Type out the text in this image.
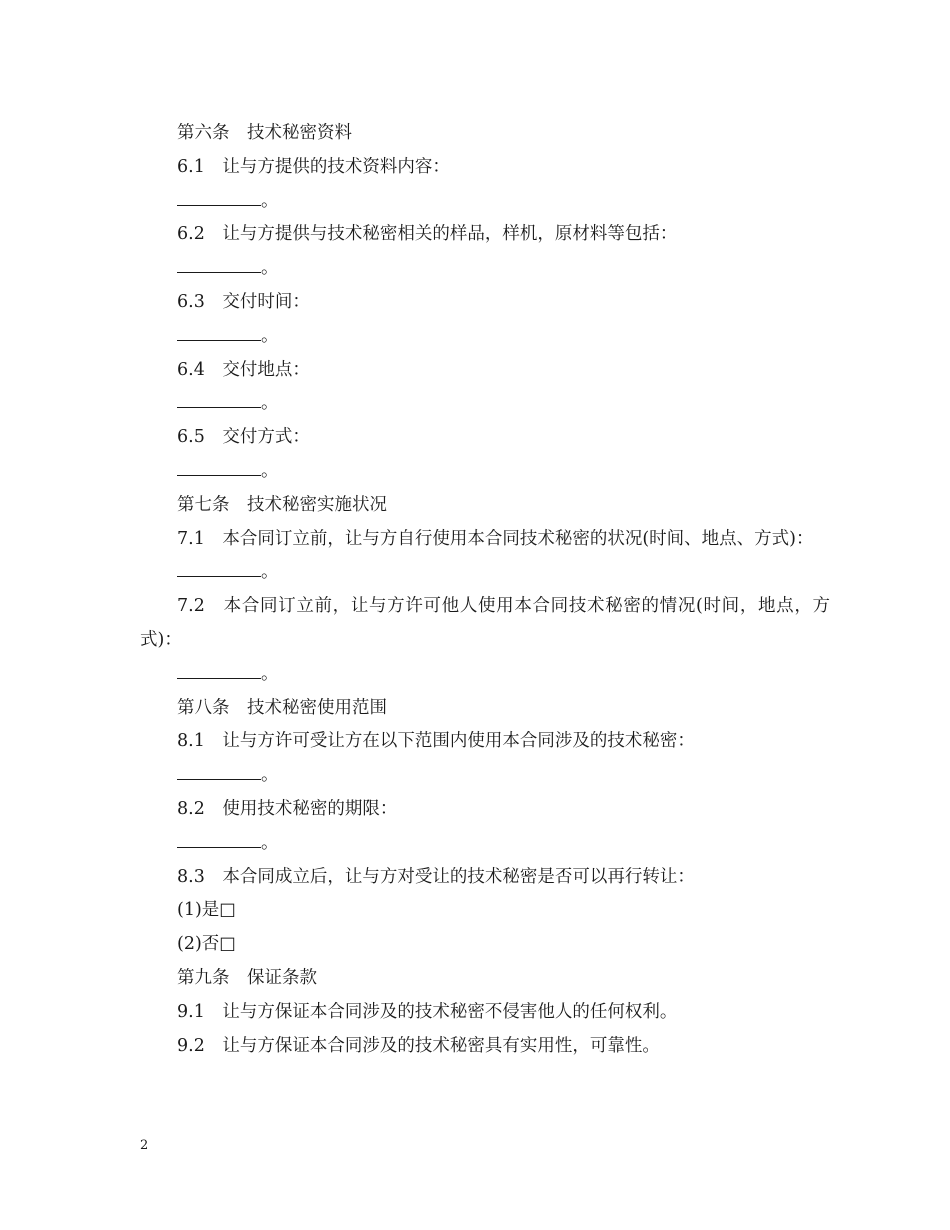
第六条　技术秘密资料
6.1　让与方提供的技术资料内容：
。
6.2　让与方提供与技术秘密相关的样品，样机，原材料等包括：
。
6.3　交付时间：
。
6.4　交付地点：
。
6.5　交付方式：
。
第七条　技术秘密实施状况
7.1　本合同订立前，让与方自行使用本合同技术秘密的状况(时间、地点、方式)：
。
7.2　本合同订立前，让与方许可他人使用本合同技术秘密的情况(时间，地点，方式)：
。
第八条　技术秘密使用范围
8.1　让与方许可受让方在以下范围内使用本合同涉及的技术秘密：
。
8.2　使用技术秘密的期限：
。
8.3　本合同成立后，让与方对受让的技术秘密是否可以再行转让：
(1)是□
(2)否□
第九条　保证条款
9.1　让与方保证本合同涉及的技术秘密不侵害他人的任何权利。
9.2　让与方保证本合同涉及的技术秘密具有实用性，可靠性。
2
